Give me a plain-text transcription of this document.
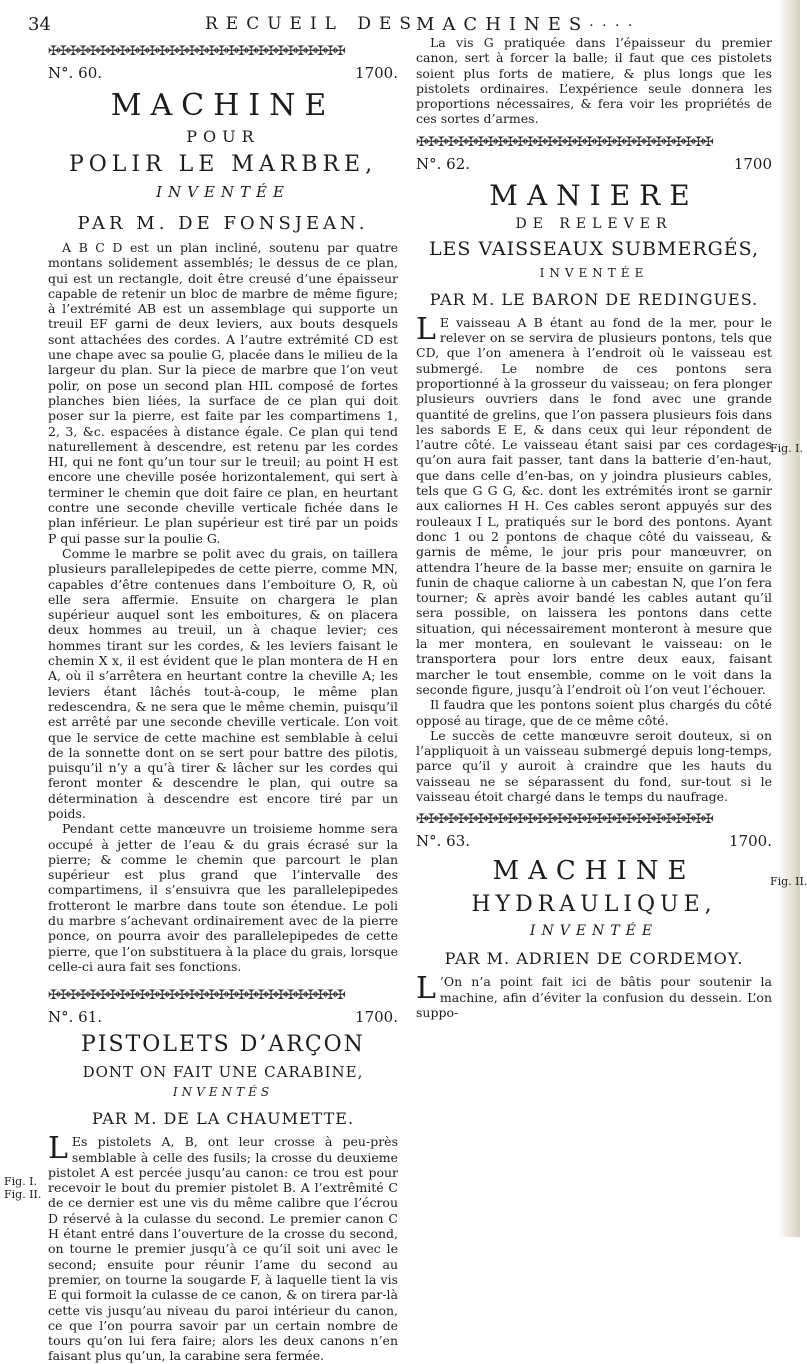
34	RECUEIL DES
✠✠✠✠✠✠✠✠✠✠✠✠✠✠✠✠✠✠✠✠✠✠✠✠✠✠✠✠✠✠
N°. 60.	1700.
MACHINE
POUR
POLIR LE MARBRE,
INVENTÉE
PAR M. DE FONSJEAN.

A B C D est un plan incliné, soutenu par quatre montans solidement assemblés; le dessus de ce plan, qui est un rectangle, doit être creusé d’une épaisseur capable de retenir un bloc de marbre de même figure; à l’extrémité AB est un assemblage qui supporte un treuil EF garni de deux leviers, aux bouts desquels sont attachées des cordes. A l’autre extrémité CD est une chape avec sa poulie G, placée dans le milieu de la largeur du plan. Sur la piece de marbre que l’on veut polir, on pose un second plan HIL composé de fortes planches bien liées, la surface de ce plan qui doit poser sur la pierre, est faite par les compartimens 1, 2, 3, &c. espacées à distance égale. Ce plan qui tend naturellement à descendre, est retenu par les cordes HI, qui ne font qu’un tour sur le treuil; au point H est encore une cheville posée horizontalement, qui sert à terminer le chemin que doit faire ce plan, en heurtant contre une seconde cheville verticale fichée dans le plan inférieur. Le plan supérieur est tiré par un poids P qui passe sur la poulie G.

Comme le marbre se polit avec du grais, on taillera plusieurs parallelepipedes de cette pierre, comme MN, capables d’être contenues dans l’emboiture O, R, où elle sera affermie. Ensuite on chargera le plan supérieur auquel sont les emboitures, & on placera deux hommes au treuil, un à chaque levier; ces hommes tirant sur les cordes, & les leviers faisant le chemin X x, il est évident que le plan montera de H en A, où il s’arrêtera en heurtant contre la cheville A; les leviers étant lâchés tout-à-coup, le même plan redescendra, & ne sera que le même chemin, puisqu’il est arrêté par une seconde cheville verticale. L’on voit que le service de cette machine est semblable à celui de la sonnette dont on se sert pour battre des pilotis, puisqu’il n’y a qu’à tirer & lâcher sur les cordes qui feront monter & descendre le plan, qui outre sa détermination à descendre est encore tiré par un poids.

Pendant cette manœuvre un troisieme homme sera occupé à jetter de l’eau & du grais écrasé sur la pierre; & comme le chemin que parcourt le plan supérieur est plus grand que l’intervalle des compartimens, il s’ensuivra que les parallelepipedes frotteront le marbre dans toute son étendue. Le poli du marbre s’achevant ordinairement avec de la pierre ponce, on pourra avoir des parallelepipedes de cette pierre, que l’on substituera à la place du grais, lorsque celle-ci aura fait ses fonctions.

✠✠✠✠✠✠✠✠✠✠✠✠✠✠✠✠✠✠✠✠✠✠✠✠✠✠✠✠✠✠
N°. 61.	1700.
PISTOLETS D’ARÇON
DONT ON FAIT UNE CARABINE,
INVENTÉS
PAR M. DE LA CHAUMETTE.

L Es pistolets A, B, ont leur crosse à peu-près semblable à celle des fusils; la crosse du deuxieme pistolet A est percée jusqu’au canon: ce trou est pour recevoir le bout du premier pistolet B. A l’extrêmité C de ce dernier est une vis du même calibre que l’écrou D réservé à la culasse du second. Le premier canon C H étant entré dans l’ouverture de la crosse du second, on tourne le premier jusqu’à ce qu’il soit uni avec le second; ensuite pour réunir l’ame du second au premier, on tourne la sougarde F, à laquelle tient la vis E qui formoit la culasse de ce canon, & on tirera par-là cette vis jusqu’au niveau du paroi intérieur du canon, ce que l’on pourra savoir par un certain nombre de tours qu’on lui fera faire; alors les deux canons n’en faisant plus qu’un, la carabine sera fermée.

Fig. I.
Fig. II.
MACHINES · · · ·

La vis G pratiquée dans l’épaisseur du premier canon, sert à forcer la balle; il faut que ces pistolets soient plus forts de matiere, & plus longs que les pistolets ordinaires. L’expérience seule donnera les proportions nécessaires, & fera voir les propriétés de ces sortes d’armes.

✠✠✠✠✠✠✠✠✠✠✠✠✠✠✠✠✠✠✠✠✠✠✠✠✠✠✠✠✠✠
N°. 62.	1700
MANIERE
DE RELEVER
LES VAISSEAUX SUBMERGÉS,
INVENTÉE
PAR M. LE BARON DE REDINGUES.

L E vaisseau A B étant au fond de la mer, pour le relever on se servira de plusieurs pontons, tels que CD, que l’on amenera à l’endroit où le vaisseau est submergé. Le nombre de ces pontons sera proportionné à la grosseur du vaisseau; on fera plonger plusieurs ouvriers dans le fond avec une grande quantité de grelins, que l’on passera plusieurs fois dans les sabords E E, & dans ceux qui leur répondent de l’autre côté. Le vaisseau étant saisi par ces cordages qu’on aura fait passer, tant dans la batterie d’en-haut, que dans celle d’en-bas, on y joindra plusieurs cables, tels que G G G, &c. dont les extrémités iront se garnir aux caliornes H H. Ces cables seront appuyés sur des rouleaux I L, pratiqués sur le bord des pontons. Ayant donc 1 ou 2 pontons de chaque côté du vaisseau, & garnis de même, le jour pris pour manœuvrer, on attendra l’heure de la basse mer; ensuite on garnira le funin de chaque caliorne à un cabestan N, que l’on fera tourner; & après avoir bandé les cables autant qu’il sera possible, on laissera les pontons dans cette situation, qui nécessairement monteront à mesure que la mer montera, en soulevant le vaisseau: on le transportera pour lors entre deux eaux, faisant marcher le tout ensemble, comme on le voit dans la seconde figure, jusqu’à l’endroit où l’on veut l’échouer.

Il faudra que les pontons soient plus chargés du côté opposé au tirage, que de ce même côté.

Le succès de cette manœuvre seroit douteux, si on l’appliquoit à un vaisseau submergé depuis long-temps, parce qu’il y auroit à craindre que les hauts du vaisseau ne se séparassent du fond, sur-tout si le vaisseau étoit chargé dans le temps du naufrage.

✠✠✠✠✠✠✠✠✠✠✠✠✠✠✠✠✠✠✠✠✠✠✠✠✠✠✠✠✠✠
N°. 63.	1700.
MACHINE
HYDRAULIQUE,
INVENTÉE
PAR M. ADRIEN DE CORDEMOY.

L ’On n’a point fait ici de bâtis pour soutenir la machine, afin d’éviter la confusion du dessein. L’on suppo-

Fig. I.
Fig. II.
